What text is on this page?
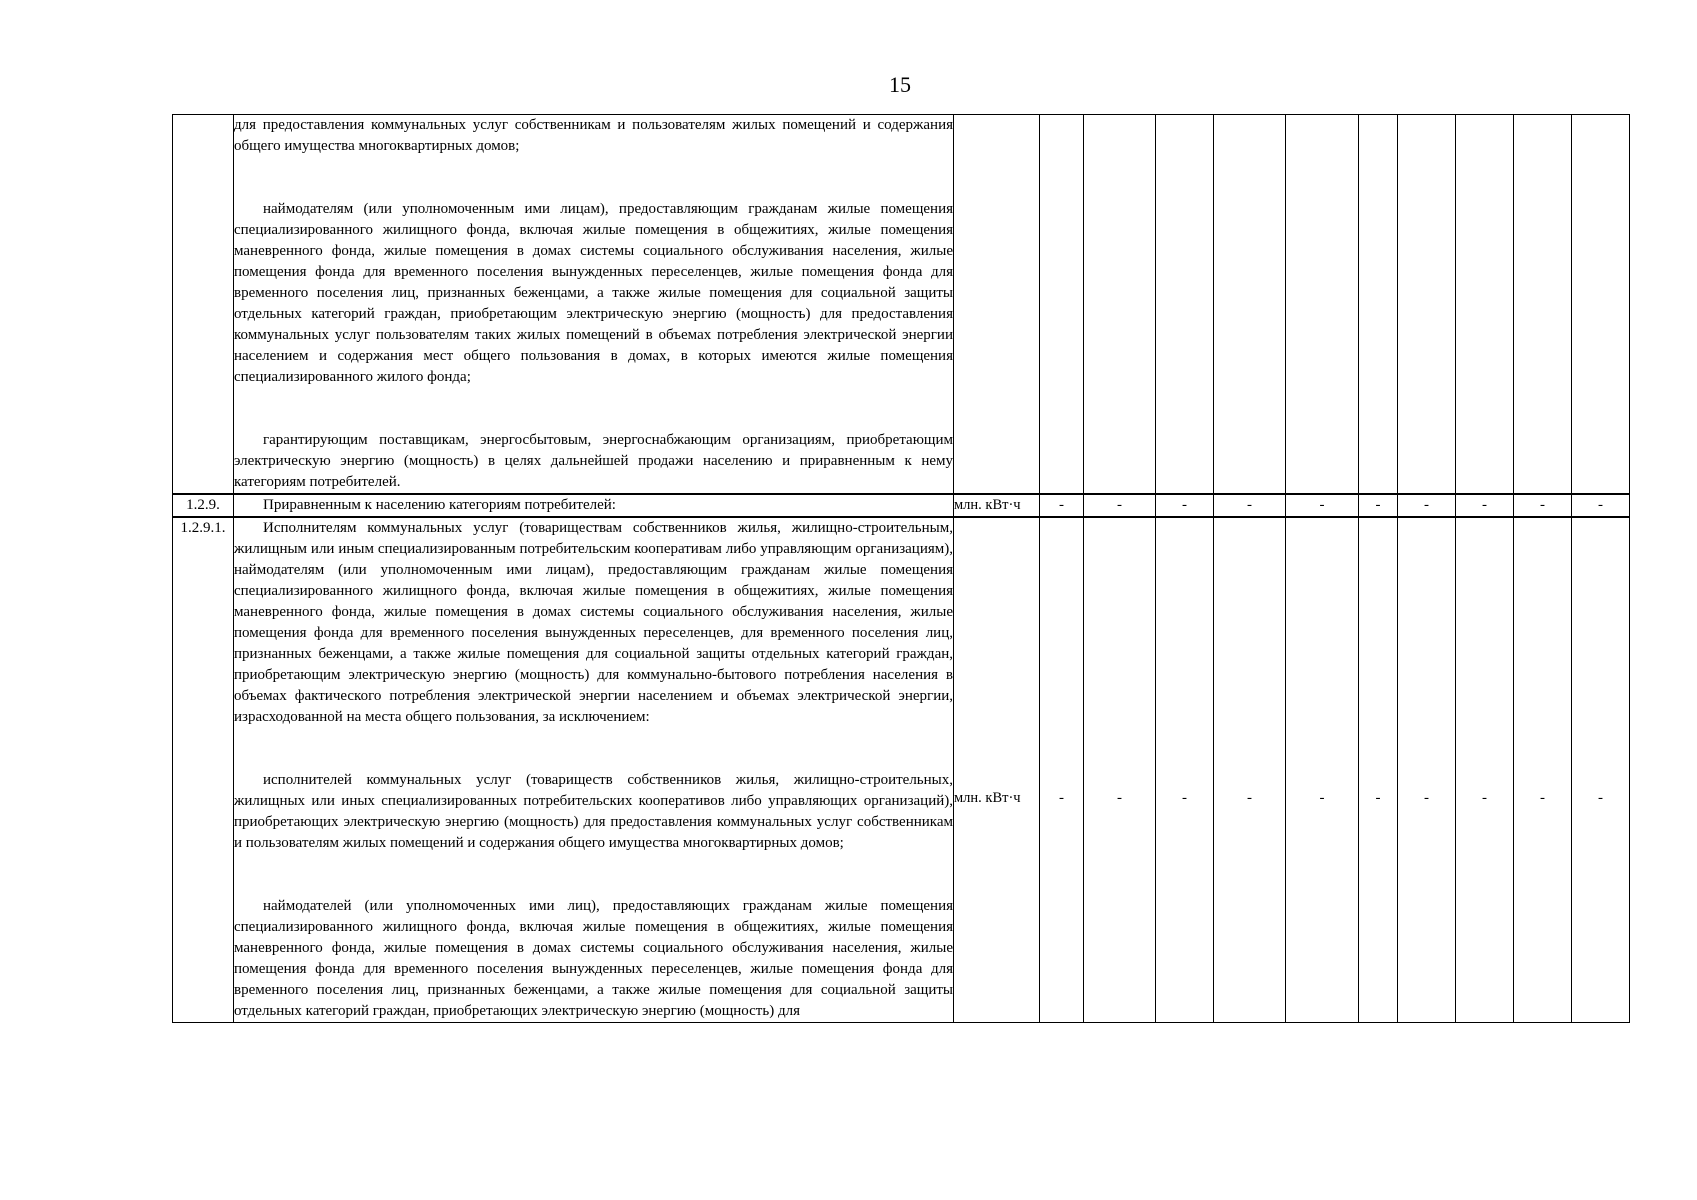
15

	для предоставления коммунальных услуг собственникам и пользователям жилых помещений и содержания общего имущества многоквартирных домов;

наймодателям (или уполномоченным ими лицам), предоставляющим гражданам жилые помещения специализированного жилищного фонда, включая жилые помещения в общежитиях, жилые помещения маневренного фонда, жилые помещения в домах системы социального обслуживания населения, жилые помещения фонда для временного поселения вынужденных переселенцев, жилые помещения фонда для временного поселения лиц, признанных беженцами, а также жилые помещения для социальной защиты отдельных категорий граждан, приобретающим электрическую энергию (мощность) для предоставления коммунальных услуг пользователям таких жилых помещений в объемах потребления электрической энергии населением и содержания мест общего пользования в домах, в которых имеются жилые помещения специализированного жилого фонда;

гарантирующим поставщикам, энергосбытовым, энергоснабжающим организациям, приобретающим электрическую энергию (мощность) в целях дальнейшей продажи населению и приравненным к нему категориям потребителей.											

1.2.9.	Приравненным к населению категориям потребителей:	млн. кВт·ч	-	-	-	-	-	-	-	-	-	-
1.2.9.1.	Исполнителям коммунальных услуг (товариществам собственников жилья, жилищно-строительным, жилищным или иным специализированным потребительским кооперативам либо управляющим организациям), наймодателям (или уполномоченным ими лицам), предоставляющим гражданам жилые помещения специализированного жилищного фонда, включая жилые помещения в общежитиях, жилые помещения маневренного фонда, жилые помещения в домах системы социального обслуживания населения, жилые помещения фонда для временного поселения вынужденных переселенцев, для временного поселения лиц, признанных беженцами, а также жилые помещения для социальной защиты отдельных категорий граждан, приобретающим электрическую энергию (мощность) для коммунально-бытового потребления населения в объемах фактического потребления электрической энергии населением и объемах электрической энергии, израсходованной на места общего пользования, за исключением:

исполнителей коммунальных услуг (товариществ собственников жилья, жилищно-строительных, жилищных или иных специализированных потребительских кооперативов либо управляющих организаций), приобретающих электрическую энергию (мощность) для предоставления коммунальных услуг собственникам и пользователям жилых помещений и содержания общего имущества многоквартирных домов;

наймодателей (или уполномоченных ими лиц), предоставляющих гражданам жилые помещения специализированного жилищного фонда, включая жилые помещения в общежитиях, жилые помещения маневренного фонда, жилые помещения в домах системы социального обслуживания населения, жилые помещения фонда для временного поселения вынужденных переселенцев, жилые помещения фонда для временного поселения лиц, признанных беженцами, а также жилые помещения для социальной защиты отдельных категорий граждан, приобретающих электрическую энергию (мощность) для	млн. кВт·ч	-	-	-	-	-	-	-	-	-	-
